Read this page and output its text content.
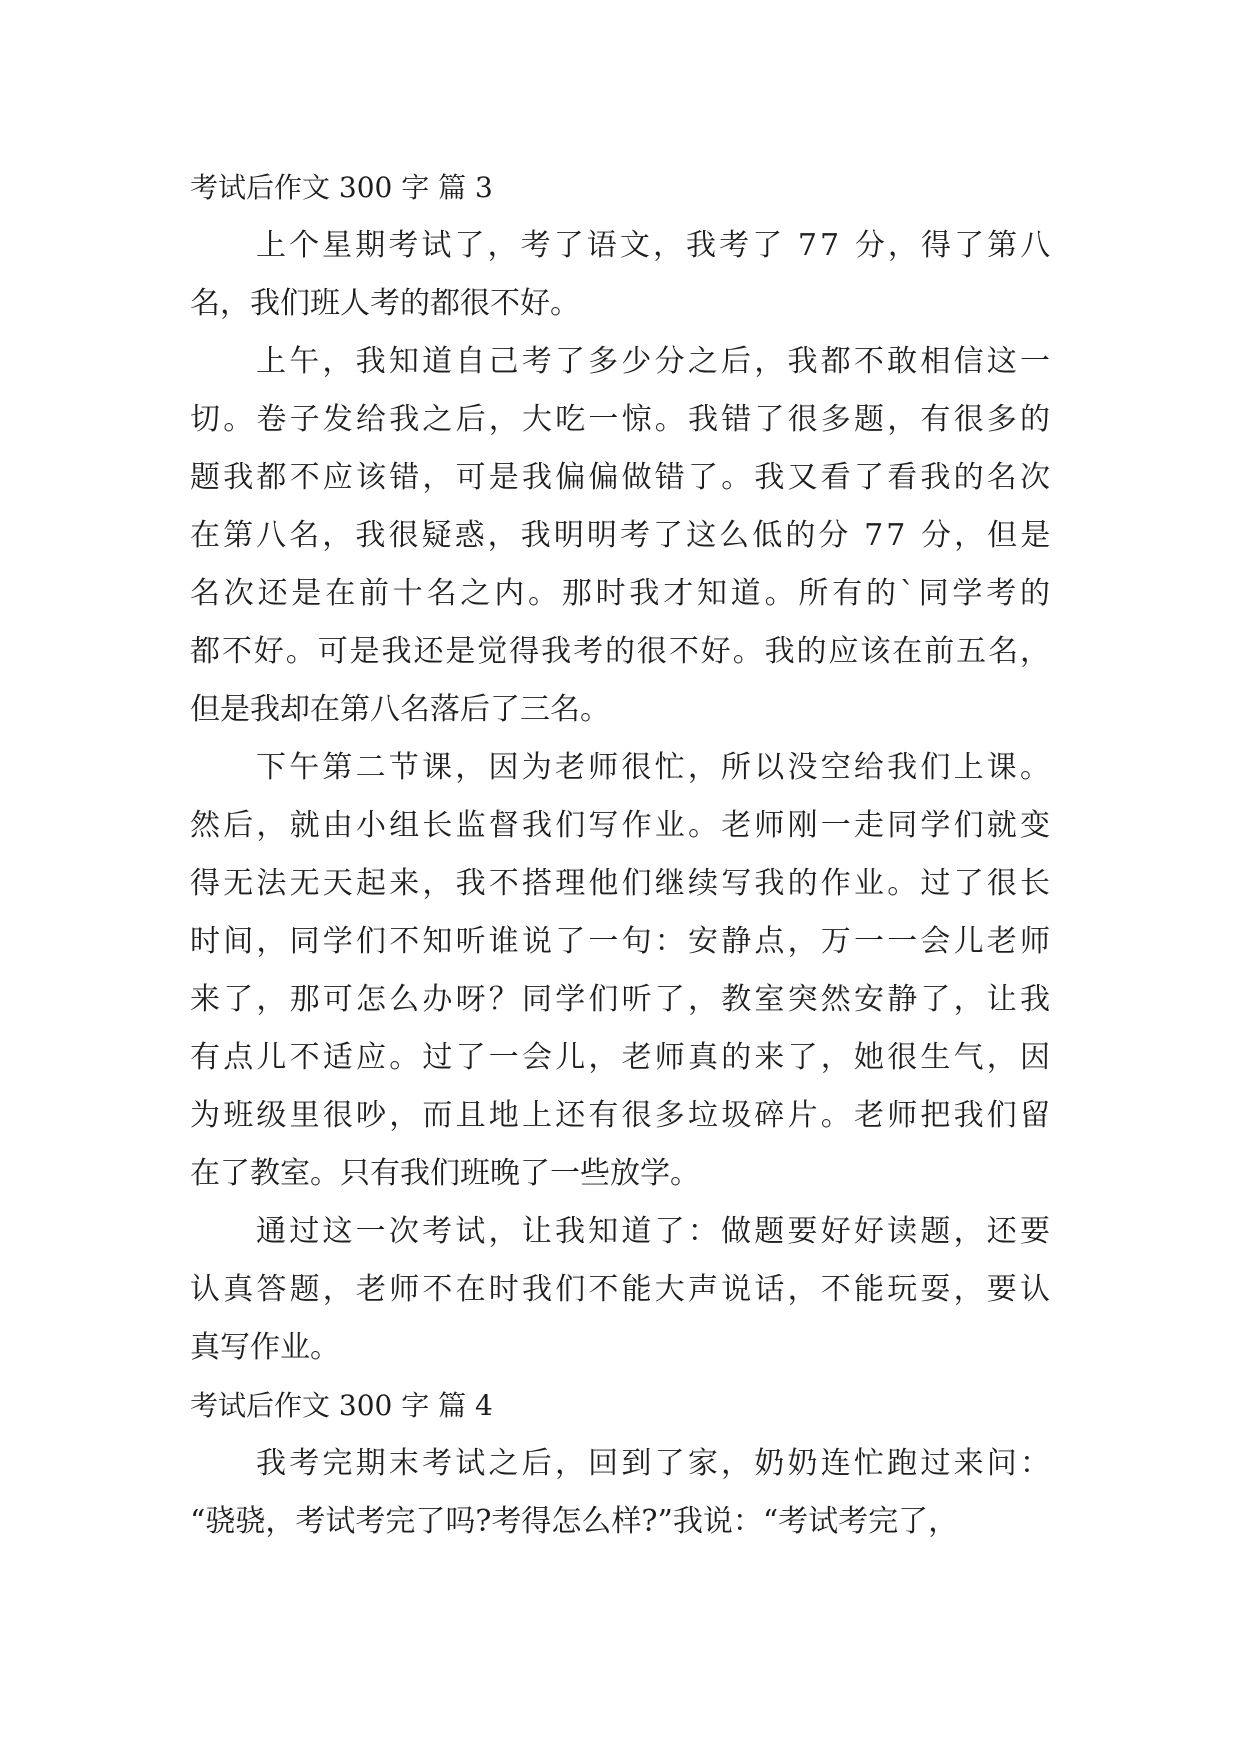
考试后作文 300 字 篇 3
上个星期考试了，考了语文，我考了 77 分，得了第八
名，我们班人考的都很不好。
上午，我知道自己考了多少分之后，我都不敢相信这一
切。卷子发给我之后，大吃一惊。我错了很多题，有很多的
题我都不应该错，可是我偏偏做错了。我又看了看我的名次
在第八名，我很疑惑，我明明考了这么低的分 77 分，但是
名次还是在前十名之内。那时我才知道。所有的`同学考的
都不好。可是我还是觉得我考的很不好。我的应该在前五名，
但是我却在第八名落后了三名。
下午第二节课，因为老师很忙，所以没空给我们上课。
然后，就由小组长监督我们写作业。老师刚一走同学们就变
得无法无天起来，我不搭理他们继续写我的作业。过了很长
时间，同学们不知听谁说了一句：安静点，万一一会儿老师
来了，那可怎么办呀？同学们听了，教室突然安静了，让我
有点儿不适应。过了一会儿，老师真的来了，她很生气，因
为班级里很吵，而且地上还有很多垃圾碎片。老师把我们留
在了教室。只有我们班晚了一些放学。
通过这一次考试，让我知道了：做题要好好读题，还要
认真答题，老师不在时我们不能大声说话，不能玩耍，要认
真写作业。
考试后作文 300 字 篇 4
我考完期末考试之后，回到了家，奶奶连忙跑过来问：
“骁骁，考试考完了吗?考得怎么样?”我说：“考试考完了，
